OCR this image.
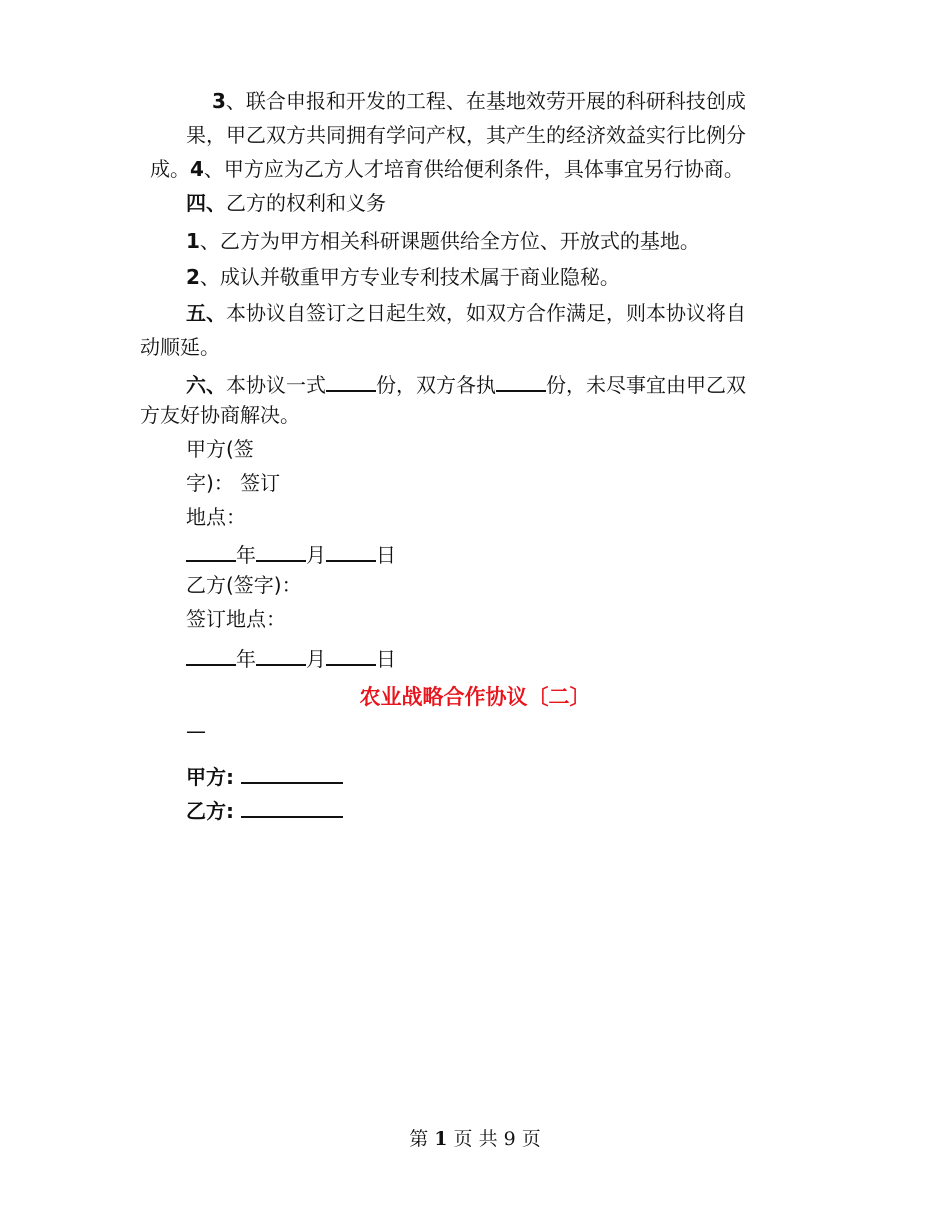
3、联合申报和开发的工程、在基地效劳开展的科研科技创成
果，甲乙双方共同拥有学问产权，其产生的经济效益实行比例分
成。4、甲方应为乙方人才培育供给便利条件，具体事宜另行协商。
四、乙方的权利和义务
1、乙方为甲方相关科研课题供给全方位、开放式的基地。
2、成认并敬重甲方专业专利技术属于商业隐秘。
五、本协议自签订之日起生效，如双方合作满足，则本协议将自
动顺延。
六、本协议一式	份，双方各执	份，未尽事宜由甲乙双
方友好协商解决。
甲方(签
字)： 签订
地点：
年	月	日
乙方(签字)：
签订地点：
年	月	日
农业战略合作协议〔二〕
—
甲方:
乙方:
第 1 页 共 9 页
